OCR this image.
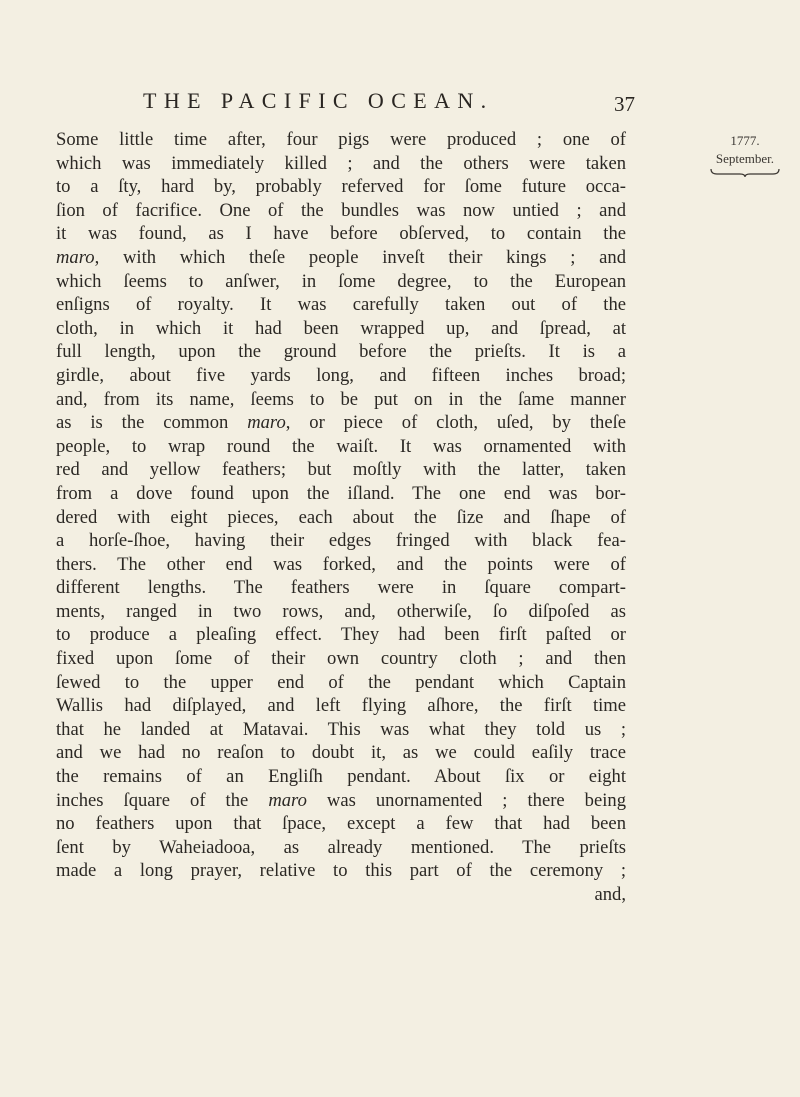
THE PACIFIC OCEAN.	37
1777.
September.
Some little time after, four pigs were produced ; one of
which was immediately killed ; and the others were taken
to a ſty, hard by, probably referved for ſome future occa-
ſion of facrifice. One of the bundles was now untied ; and
it was found, as I have before obſerved, to contain the
maro, with which theſe people inveſt their kings ; and
which ſeems to anſwer, in ſome degree, to the European
enſigns of royalty. It was carefully taken out of the
cloth, in which it had been wrapped up, and ſpread, at
full length, upon the ground before the prieſts. It is a
girdle, about five yards long, and fifteen inches broad;
and, from its name, ſeems to be put on in the ſame manner
as is the common maro, or piece of cloth, uſed, by theſe
people, to wrap round the waiſt. It was ornamented with
red and yellow feathers; but moſtly with the latter, taken
from a dove found upon the iſland. The one end was bor-
dered with eight pieces, each about the ſize and ſhape of
a horſe-ſhoe, having their edges fringed with black fea-
thers. The other end was forked, and the points were of
different lengths. The feathers were in ſquare compart-
ments, ranged in two rows, and, otherwiſe, ſo diſpoſed as
to produce a pleaſing effect. They had been firſt paſted or
fixed upon ſome of their own country cloth ; and then
ſewed to the upper end of the pendant which Captain
Wallis had diſplayed, and left flying aſhore, the firſt time
that he landed at Matavai. This was what they told us ;
and we had no reaſon to doubt it, as we could eaſily trace
the remains of an Engliſh pendant. About ſix or eight
inches ſquare of the maro was unornamented ; there being
no feathers upon that ſpace, except a few that had been
ſent by Waheiadooa, as already mentioned. The prieſts
made a long prayer, relative to this part of the ceremony ;
and,
